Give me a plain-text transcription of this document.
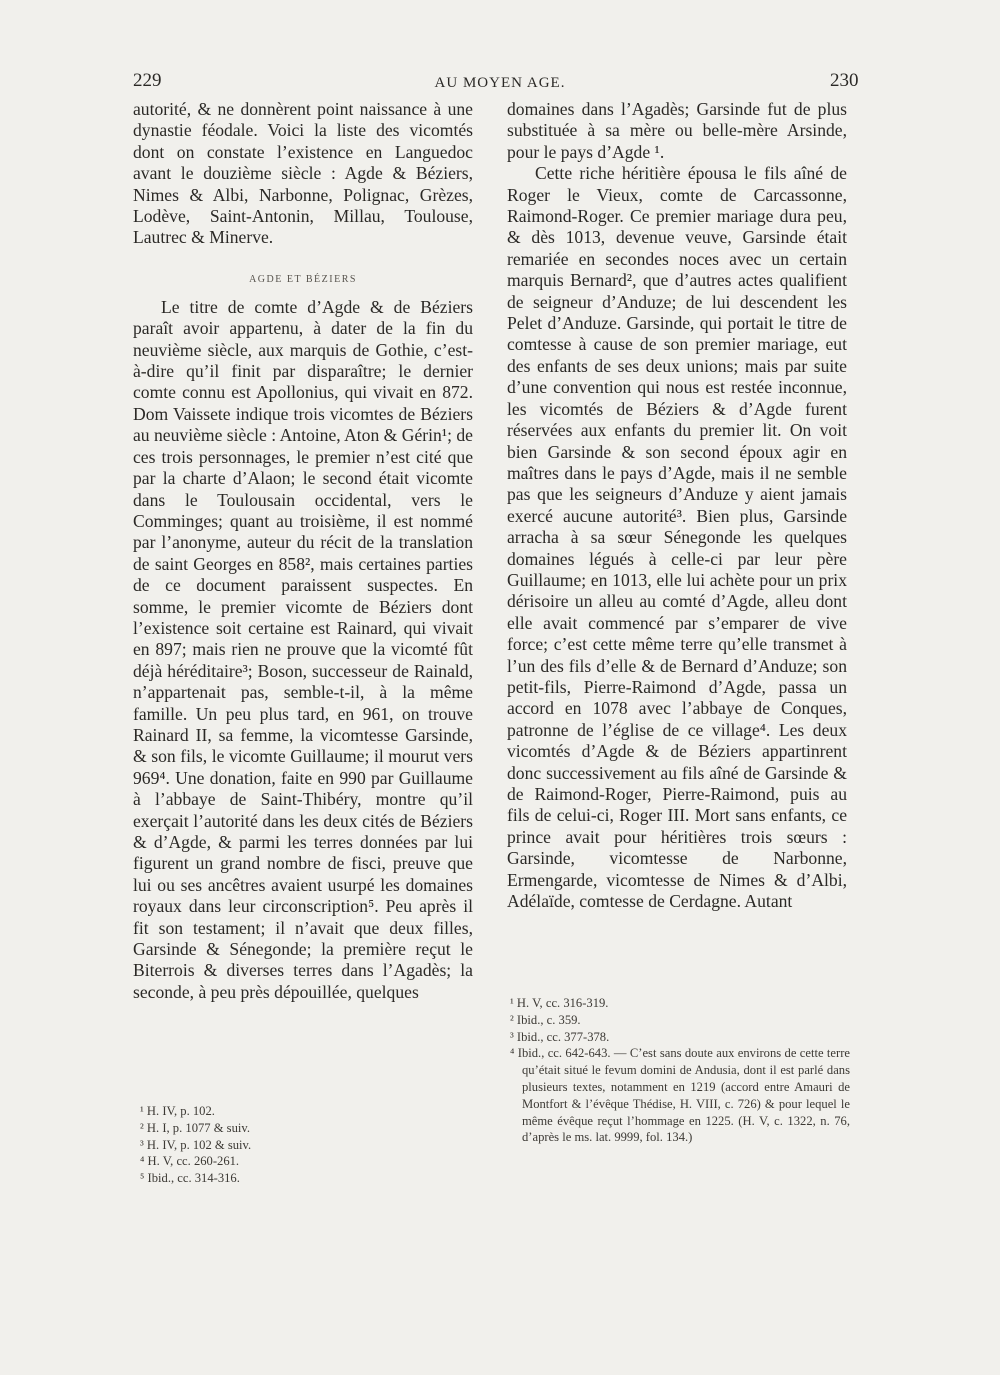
229	AU MOYEN AGE.	230

autorité, & ne donnèrent point naissance à une dynastie féodale. Voici la liste des vicomtés dont on constate l’existence en Languedoc avant le douzième siècle : Agde & Béziers, Nimes & Albi, Narbonne, Polignac, Grèzes, Lodève, Saint-Antonin, Millau, Toulouse, Lautrec & Minerve.

AGDE ET BÉZIERS

Le titre de comte d’Agde & de Béziers paraît avoir appartenu, à dater de la fin du neuvième siècle, aux marquis de Gothie, c’est-à-dire qu’il finit par disparaître; le dernier comte connu est Apollonius, qui vivait en 872. Dom Vaissete indique trois vicomtes de Béziers au neuvième siècle : Antoine, Aton & Gérin¹; de ces trois personnages, le premier n’est cité que par la charte d’Alaon; le second était vicomte dans le Toulousain occidental, vers le Comminges; quant au troisième, il est nommé par l’anonyme, auteur du récit de la translation de saint Georges en 858², mais certaines parties de ce document paraissent suspectes. En somme, le premier vicomte de Béziers dont l’existence soit certaine est Rainard, qui vivait en 897; mais rien ne prouve que la vicomté fût déjà héréditaire³; Boson, successeur de Rainald, n’appartenait pas, semble-t-il, à la même famille. Un peu plus tard, en 961, on trouve Rainard II, sa femme, la vicomtesse Garsinde, & son fils, le vicomte Guillaume; il mourut vers 969⁴. Une donation, faite en 990 par Guillaume à l’abbaye de Saint-Thibéry, montre qu’il exerçait l’autorité dans les deux cités de Béziers & d’Agde, & parmi les terres données par lui figurent un grand nombre de fisci, preuve que lui ou ses ancêtres avaient usurpé les domaines royaux dans leur circonscription⁵. Peu après il fit son testament; il n’avait que deux filles, Garsinde & Sénegonde; la première reçut le Biterrois & diverses terres dans l’Agadès; la seconde, à peu près dépouillée, quelques

¹ H. IV, p. 102.
² H. I, p. 1077 & suiv.
³ H. IV, p. 102 & suiv.
⁴ H. V, cc. 260-261.
⁵ Ibid., cc. 314-316.

domaines dans l’Agadès; Garsinde fut de plus substituée à sa mère ou belle-mère Arsinde, pour le pays d’Agde ¹.

Cette riche héritière épousa le fils aîné de Roger le Vieux, comte de Carcassonne, Raimond-Roger. Ce premier mariage dura peu, & dès 1013, devenue veuve, Garsinde était remariée en secondes noces avec un certain marquis Bernard², que d’autres actes qualifient de seigneur d’Anduze; de lui descendent les Pelet d’Anduze. Garsinde, qui portait le titre de comtesse à cause de son premier mariage, eut des enfants de ses deux unions; mais par suite d’une convention qui nous est restée inconnue, les vicomtés de Béziers & d’Agde furent réservées aux enfants du premier lit. On voit bien Garsinde & son second époux agir en maîtres dans le pays d’Agde, mais il ne semble pas que les seigneurs d’Anduze y aient jamais exercé aucune autorité³. Bien plus, Garsinde arracha à sa sœur Sénegonde les quelques domaines légués à celle-ci par leur père Guillaume; en 1013, elle lui achète pour un prix dérisoire un alleu au comté d’Agde, alleu dont elle avait commencé par s’emparer de vive force; c’est cette même terre qu’elle transmet à l’un des fils d’elle & de Bernard d’Anduze; son petit-fils, Pierre-Raimond d’Agde, passa un accord en 1078 avec l’abbaye de Conques, patronne de l’église de ce village⁴. Les deux vicomtés d’Agde & de Béziers appartinrent donc successivement au fils aîné de Garsinde & de Raimond-Roger, Pierre-Raimond, puis au fils de celui-ci, Roger III. Mort sans enfants, ce prince avait pour héritières trois sœurs : Garsinde, vicomtesse de Narbonne, Ermengarde, vicomtesse de Nimes & d’Albi, Adélaïde, comtesse de Cerdagne. Autant

¹ H. V, cc. 316-319.
² Ibid., c. 359.
³ Ibid., cc. 377-378.
⁴ Ibid., cc. 642-643. — C’est sans doute aux environs de cette terre qu’était situé le fevum domini de Andusia, dont il est parlé dans plusieurs textes, notamment en 1219 (accord entre Amauri de Montfort & l’évêque Thédise, H. VIII, c. 726) & pour lequel le même évêque reçut l’hommage en 1225. (H. V, c. 1322, n. 76, d’après le ms. lat. 9999, fol. 134.)
